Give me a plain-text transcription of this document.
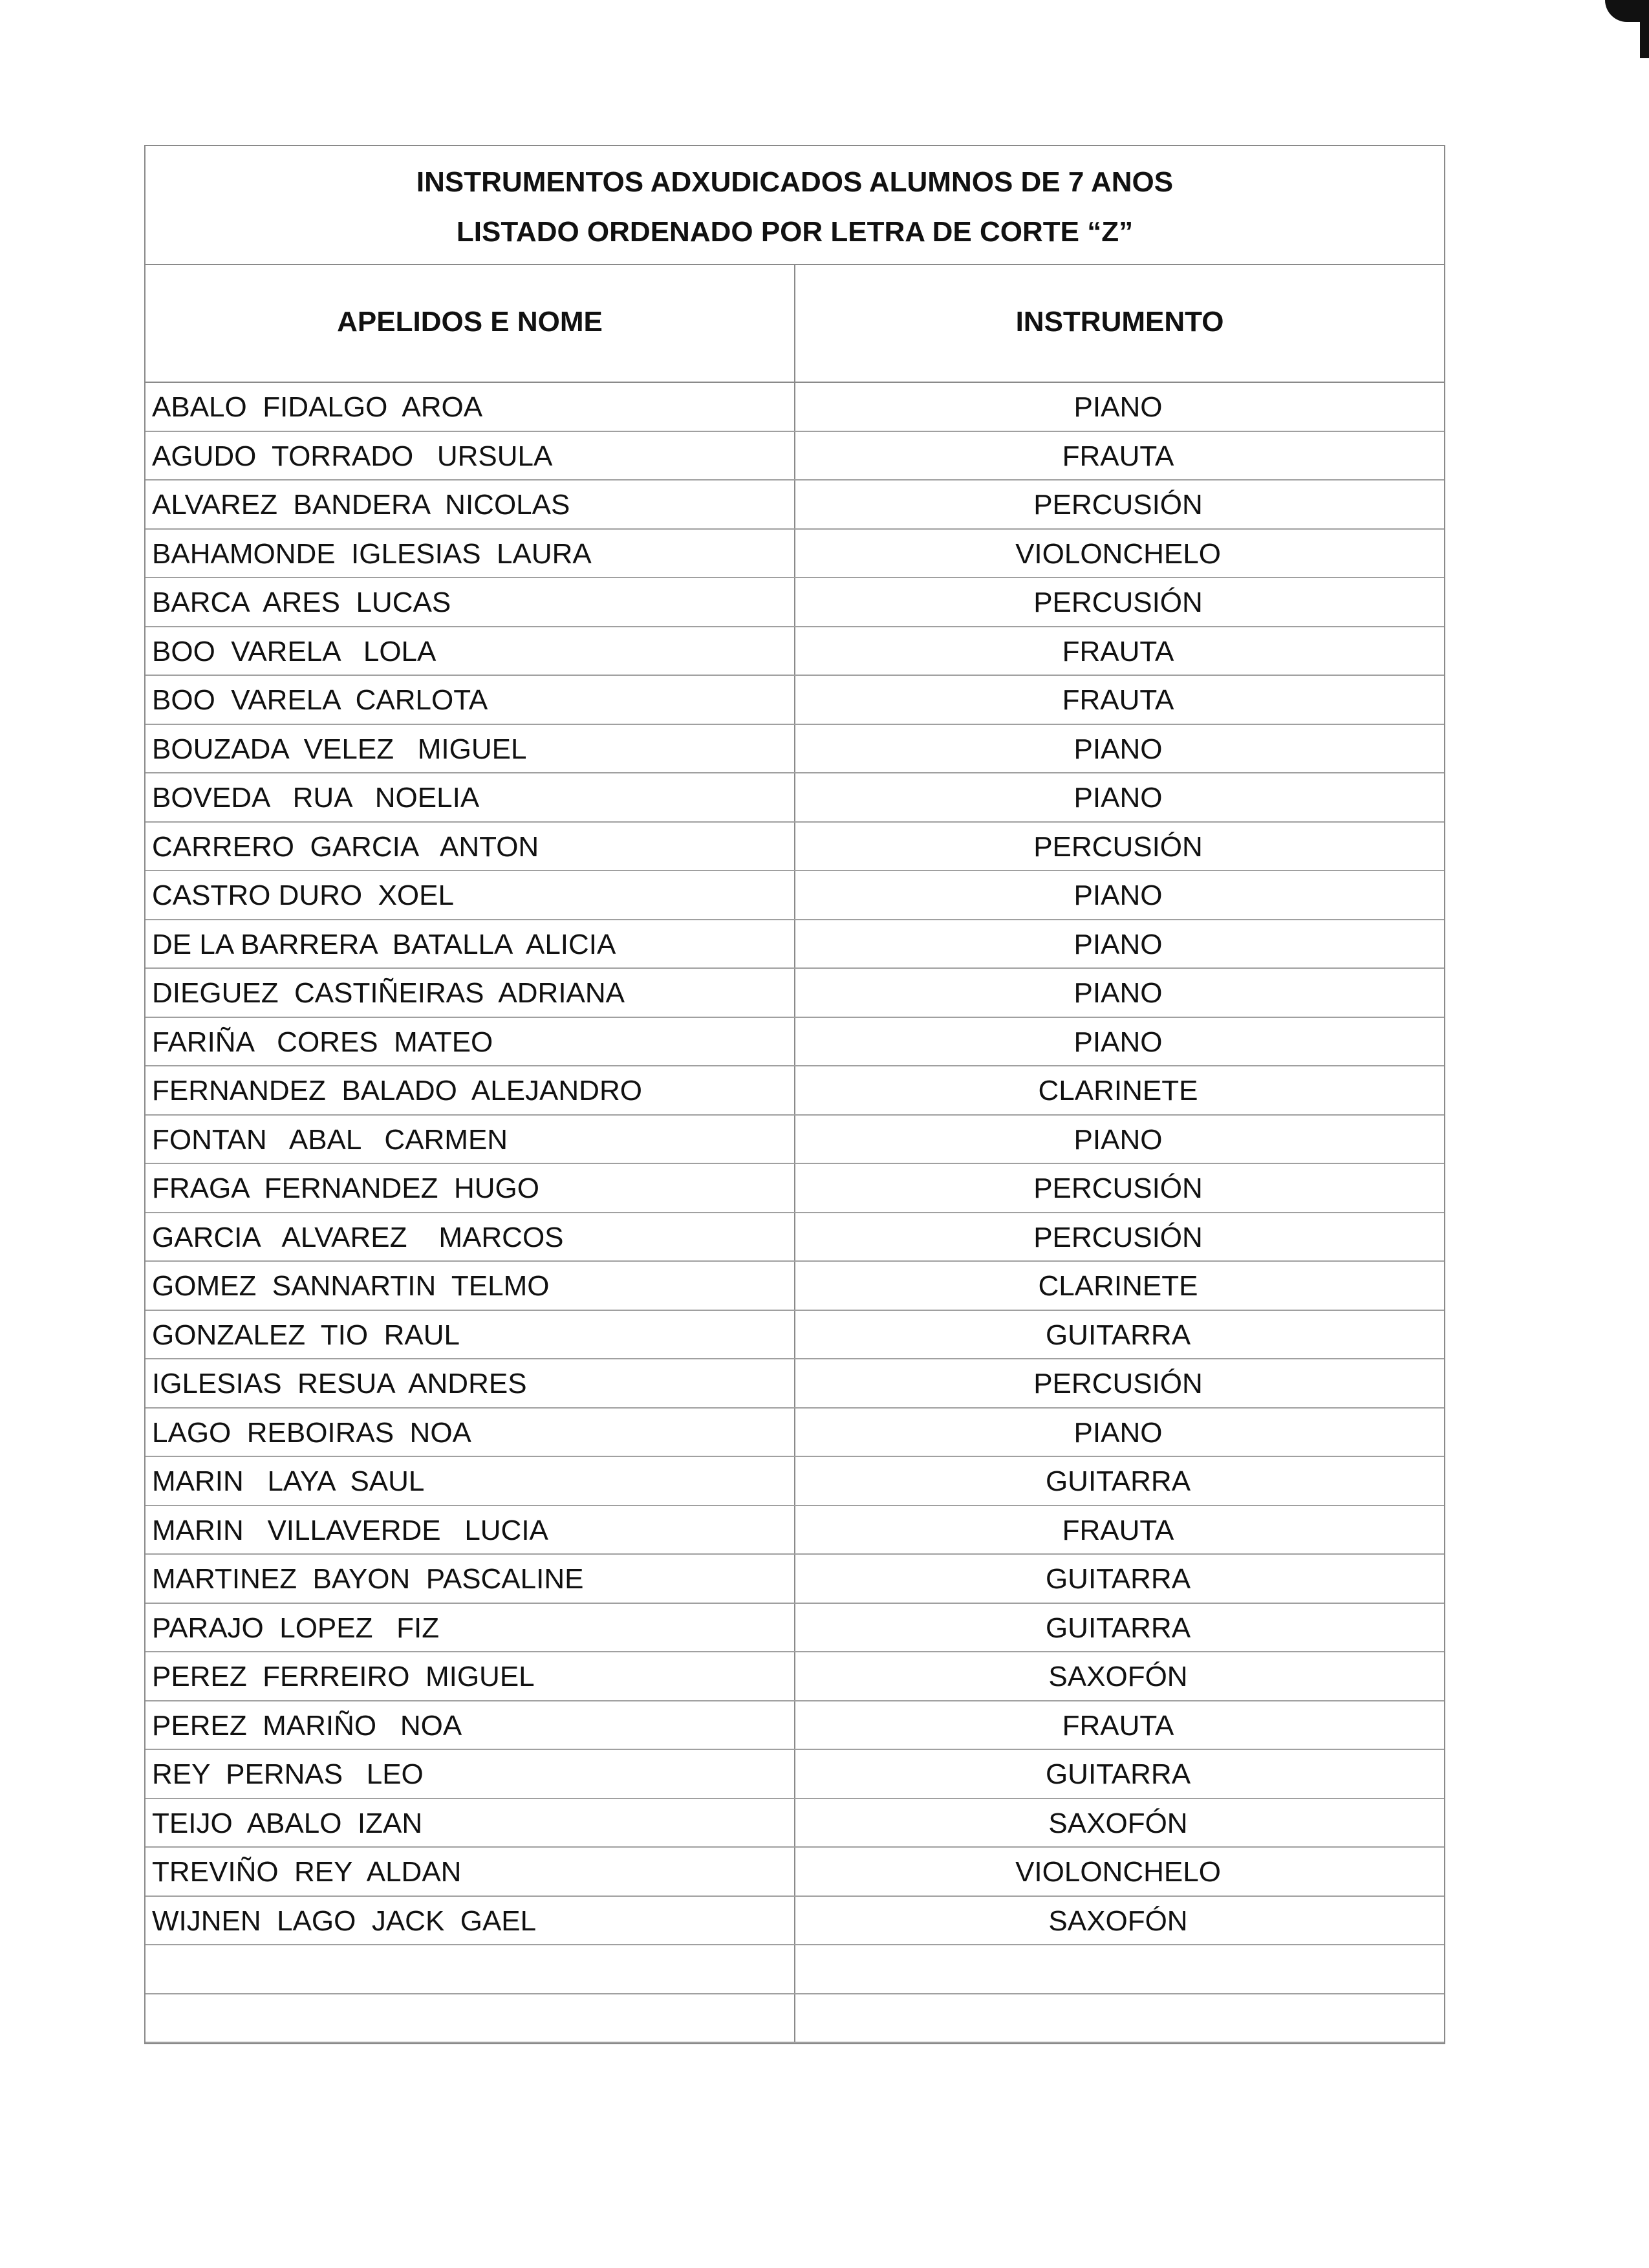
INSTRUMENTOS ADXUDICADOS ALUMNOS DE 7 ANOS
LISTADO ORDENADO POR LETRA DE CORTE “Z”
APELIDOS E NOME	INSTRUMENTO
ABALO  FIDALGO  AROA	PIANO
AGUDO  TORRADO   URSULA	FRAUTA
ALVAREZ  BANDERA  NICOLAS	PERCUSIÓN
BAHAMONDE  IGLESIAS  LAURA	VIOLONCHELO
BARCA  ARES  LUCAS	PERCUSIÓN
BOO  VARELA   LOLA	FRAUTA
BOO  VARELA  CARLOTA	FRAUTA
BOUZADA  VELEZ   MIGUEL	PIANO
BOVEDA   RUA   NOELIA	PIANO
CARRERO  GARCIA   ANTON	PERCUSIÓN
CASTRO DURO  XOEL	PIANO
DE LA BARRERA  BATALLA  ALICIA	PIANO
DIEGUEZ  CASTIÑEIRAS  ADRIANA	PIANO
FARIÑA   CORES  MATEO	PIANO
FERNANDEZ  BALADO  ALEJANDRO	CLARINETE
FONTAN   ABAL   CARMEN	PIANO
FRAGA  FERNANDEZ  HUGO	PERCUSIÓN
GARCIA   ALVAREZ    MARCOS	PERCUSIÓN
GOMEZ  SANNARTIN  TELMO	CLARINETE
GONZALEZ  TIO  RAUL	GUITARRA
IGLESIAS  RESUA  ANDRES	PERCUSIÓN
LAGO  REBOIRAS  NOA	PIANO
MARIN   LAYA  SAUL	GUITARRA
MARIN   VILLAVERDE   LUCIA	FRAUTA
MARTINEZ  BAYON  PASCALINE	GUITARRA
PARAJO  LOPEZ   FIZ	GUITARRA
PEREZ  FERREIRO  MIGUEL	SAXOFÓN
PEREZ  MARIÑO   NOA	FRAUTA
REY  PERNAS   LEO	GUITARRA
TEIJO  ABALO  IZAN	SAXOFÓN
TREVIÑO  REY  ALDAN	VIOLONCHELO
WIJNEN  LAGO  JACK  GAEL	SAXOFÓN
